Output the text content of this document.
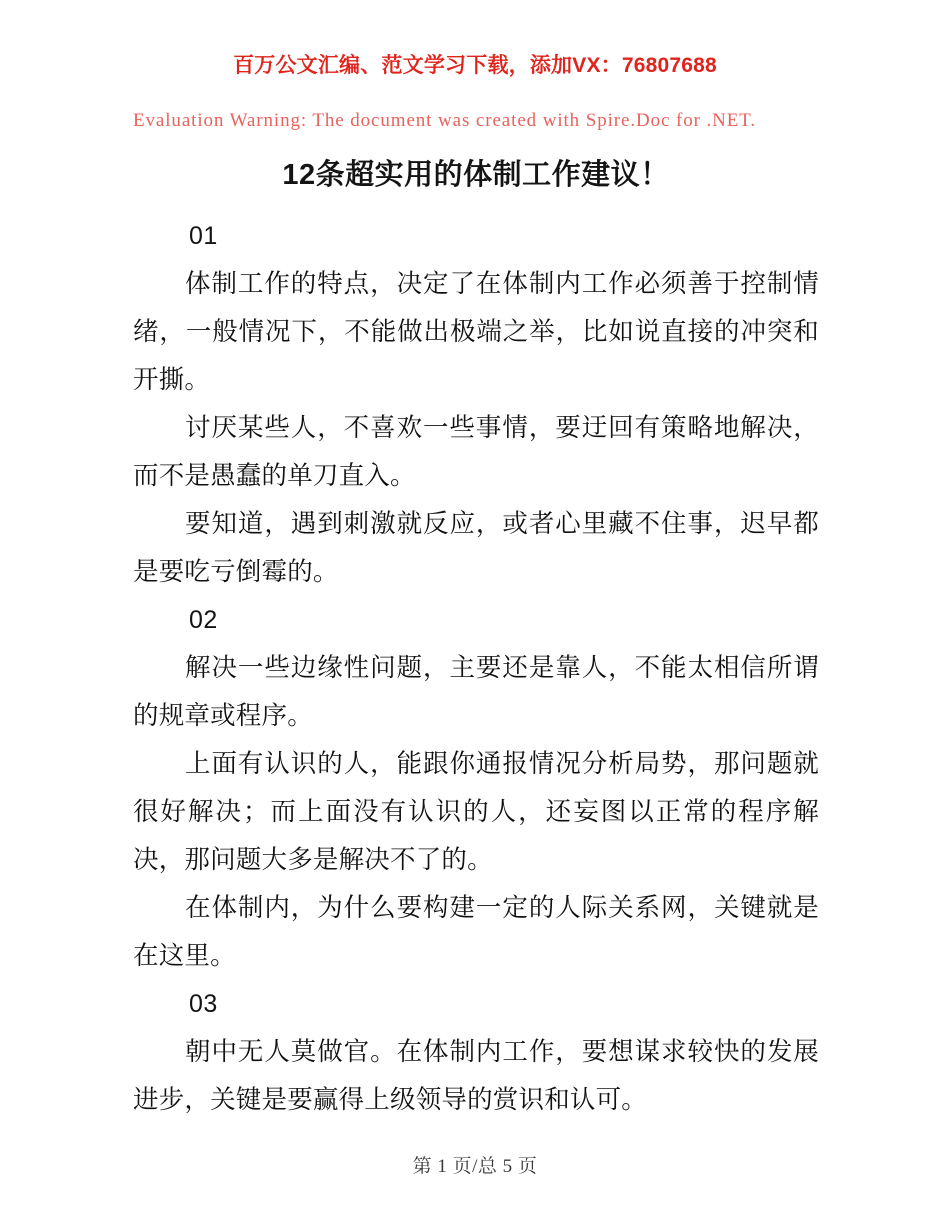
百万公文汇编、范文学习下载，添加VX：76807688
Evaluation Warning: The document was created with Spire.Doc for .NET.
12条超实用的体制工作建议！

01

体制工作的特点，决定了在体制内工作必须善于控制情绪，一般情况下，不能做出极端之举，比如说直接的冲突和开撕。

讨厌某些人，不喜欢一些事情，要迂回有策略地解决，而不是愚蠢的单刀直入。

要知道，遇到刺激就反应，或者心里藏不住事，迟早都是要吃亏倒霉的。

02

解决一些边缘性问题，主要还是靠人，不能太相信所谓的规章或程序。

上面有认识的人，能跟你通报情况分析局势，那问题就很好解决；而上面没有认识的人，还妄图以正常的程序解决，那问题大多是解决不了的。

在体制内，为什么要构建一定的人际关系网，关键就是在这里。

03

朝中无人莫做官。在体制内工作，要想谋求较快的发展进步，关键是要赢得上级领导的赏识和认可。

第 1 页/总 5 页
